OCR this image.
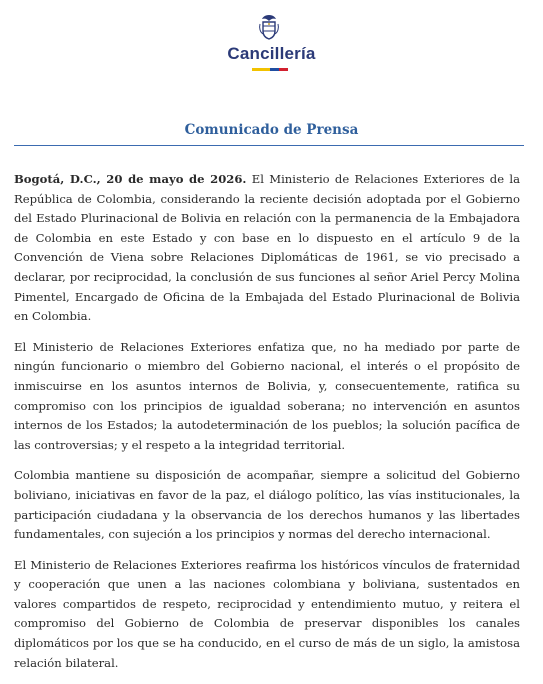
Cancillería
Comunicado de Prensa

Bogotá, D.C., 20 de mayo de 2026. El Ministerio de Relaciones Exteriores de la República de Colombia, considerando la reciente decisión adoptada por el Gobierno del Estado Plurinacional de Bolivia en relación con la permanencia de la Embajadora de Colombia en este Estado y con base en lo dispuesto en el artículo 9 de la Convención de Viena sobre Relaciones Diplomáticas de 1961, se vio precisado a declarar, por reciprocidad, la conclusión de sus funciones al señor Ariel Percy Molina Pimentel, Encargado de Oficina de la Embajada del Estado Plurinacional de Bolivia en Colombia.

El Ministerio de Relaciones Exteriores enfatiza que, no ha mediado por parte de ningún funcionario o miembro del Gobierno nacional, el interés o el propósito de inmiscuirse en los asuntos internos de Bolivia, y, consecuentemente, ratifica su compromiso con los principios de igualdad soberana; no intervención en asuntos internos de los Estados; la autodeterminación de los pueblos; la solución pacífica de las controversias; y el respeto a la integridad territorial.

Colombia mantiene su disposición de acompañar, siempre a solicitud del Gobierno boliviano, iniciativas en favor de la paz, el diálogo político, las vías institucionales, la participación ciudadana y la observancia de los derechos humanos y las libertades fundamentales, con sujeción a los principios y normas del derecho internacional.

El Ministerio de Relaciones Exteriores reafirma los históricos vínculos de fraternidad y cooperación que unen a las naciones colombiana y boliviana, sustentados en valores compartidos de respeto, reciprocidad y entendimiento mutuo, y reitera el compromiso del Gobierno de Colombia de preservar disponibles los canales diplomáticos por los que se ha conducido, en el curso de más de un siglo, la amistosa relación bilateral.
